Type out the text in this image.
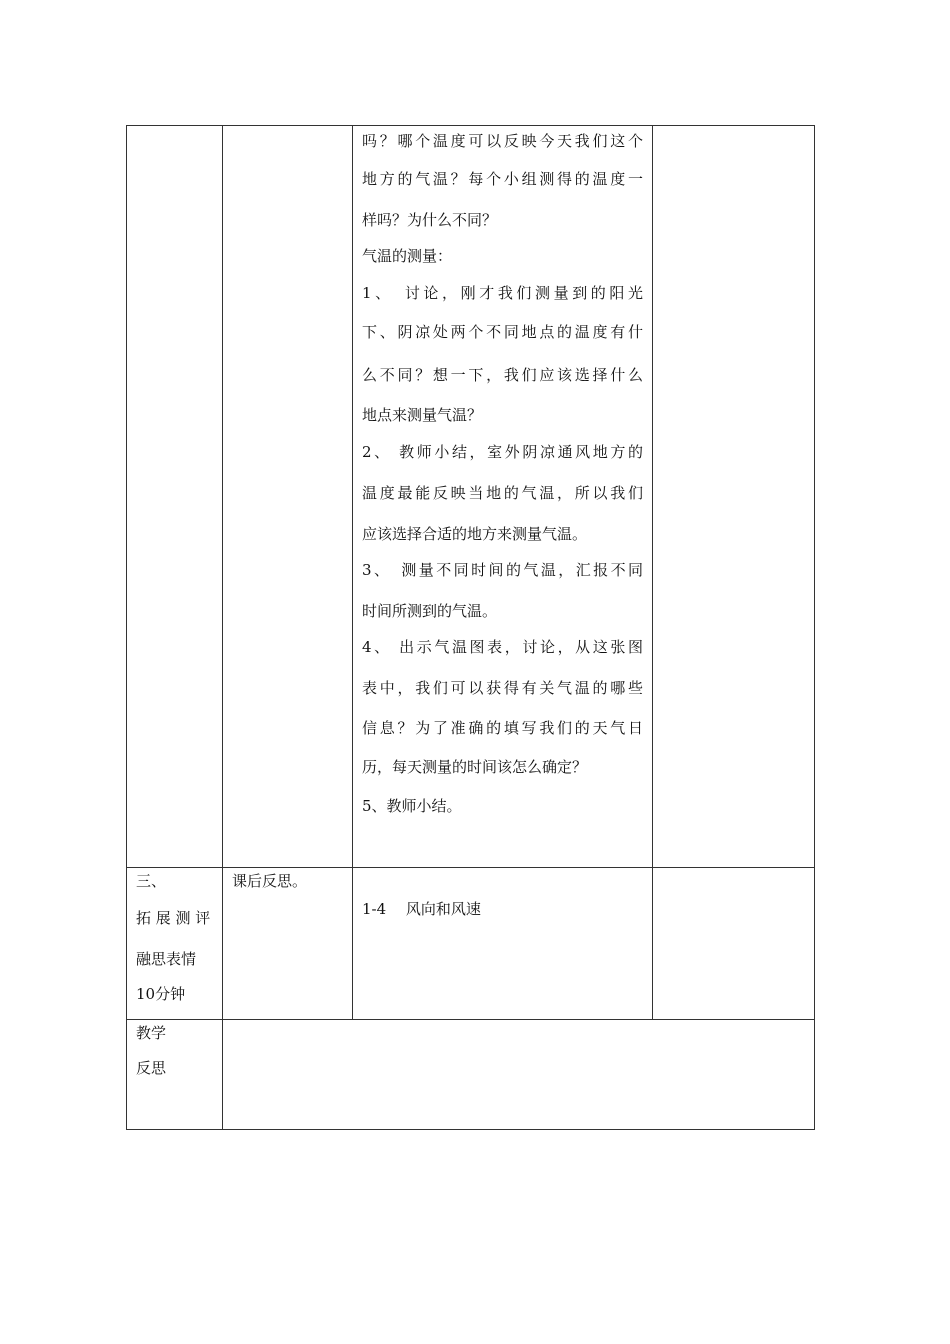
吗？哪个温度可以反映今天我们这个
地方的气温？每个小组测得的温度一
样吗？为什么不同？
气温的测量：
1、　讨论，刚才我们测量到的阳光
下、阴凉处两个不同地点的温度有什
么不同？想一下，我们应该选择什么
地点来测量气温？
2、 教师小结，室外阴凉通风地方的
温度最能反映当地的气温，所以我们
应该选择合适的地方来测量气温。
3、　测量不同时间的气温，汇报不同
时间所测到的气温。
4、 出示气温图表，讨论，从这张图
表中，我们可以获得有关气温的哪些
信息？为了准确的填写我们的天气日
历，每天测量的时间该怎么确定？
5、教师小结。
三、
拓 展 测 评
融思表情
10分钟
课后反思。
1-4　 风向和风速
教学
反思
